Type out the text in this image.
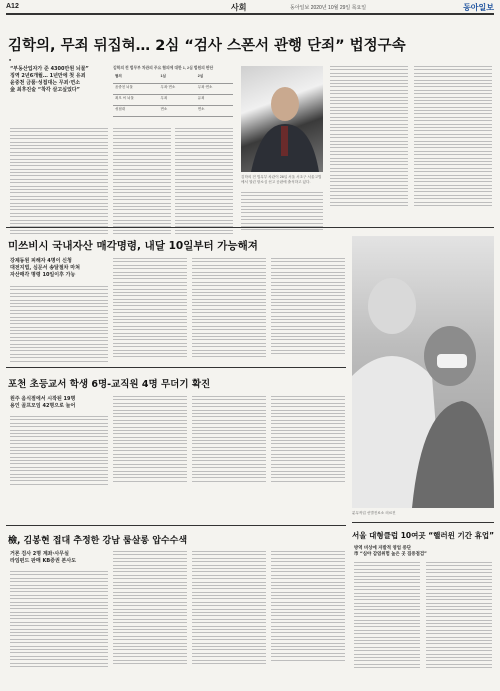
A12	사회	동아일보 2020년 10월 29일 목요일	동아일보
김학의, 무죄 뒤집혀… 2심 “검사 스폰서 관행 단죄” 법정구속
■
“부동산업자가 준 4300만원 뇌물”
징역 2년6개월… 1년만에 첫 유죄
윤중천 금품·성접대는 무죄·면소
金 최후진술 “착각 살고싶었다”
김학의 전 법무부 차관의 주요 혐의에 대한 1, 2심 법원의 판단
혐의	1심	2심
윤중천 뇌물	무죄·면소	무죄·면소
최모 씨 뇌물	무죄	유죄
성접대	면소	면소
김학의 전 법무부 차관이 28일 서울 서초구 서울고법에서 열린 항소심 선고 공판에 출석하고 있다.
미쓰비시 국내자산 매각명령, 내달 10일부터 가능해져
강제동원 피해자 4명이 신청
대전지법, 심문서 송달절차 마쳐
자산매각 명령 10일이후 가능
분무작업 선별진료소 의료진
포천 초등교서 학생 6명-교직원 4명 무더기 확진
원주 음식점에서 시작된 19명
용인 골프모임 42명으로 늘어
檢, 김봉현 접대 추정한 강남 룸살롱 압수수색
거론 검사 2명 계좌·사무실
라임펀드 판매 KB증권 본사도
서울 대형클럽 10여곳 “핼러윈 기간 휴업”
방역 비상에 자발적 영업 중단
市 “심야 감염위험 높은 곳 집중점검”
